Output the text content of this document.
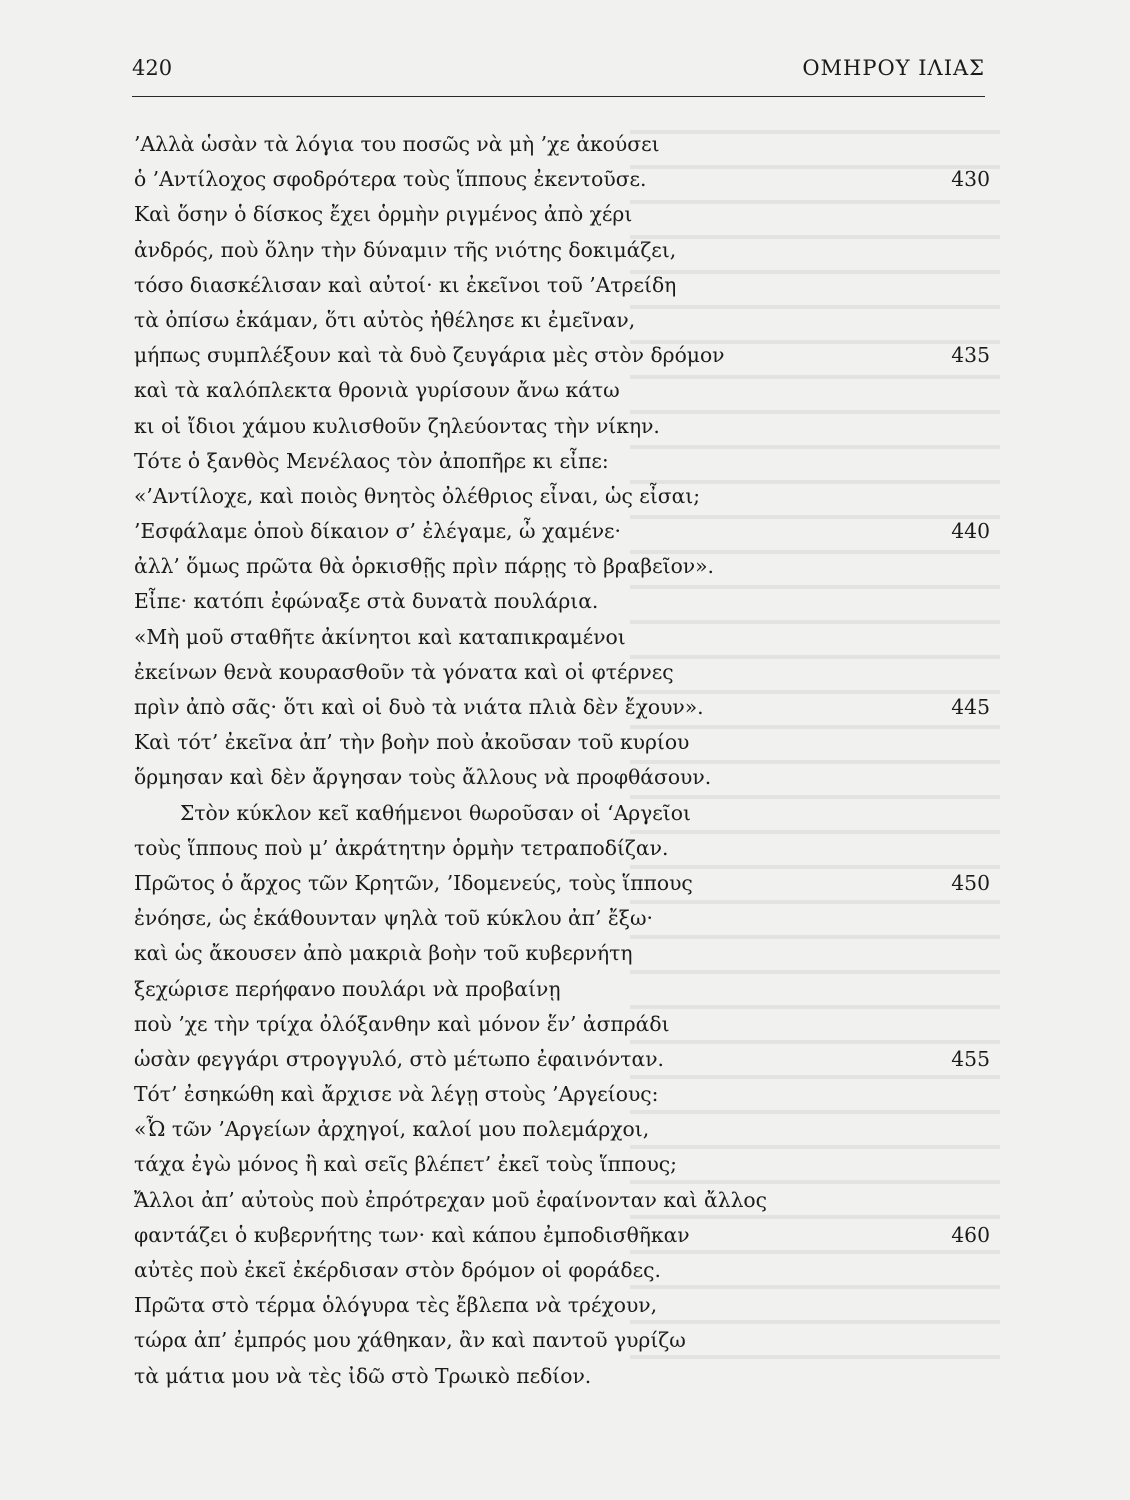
420	ΟΜΗΡΟΥ ΙΛΙΑΣ
’Αλλὰ ὡσὰν τὰ λόγια του ποσῶς νὰ μὴ ’χε ἀκούσει
ὁ ’Αντίλοχος σφοδρότερα τοὺς ἵππους ἐκεντοῦσε.	430
Καὶ ὅσην ὁ δίσκος ἔχει ὁρμὴν ριγμένος ἀπὸ χέρι
ἀνδρός, ποὺ ὅλην τὴν δύναμιν τῆς νιότης δοκιμάζει,
τόσο διασκέλισαν καὶ αὐτοί· κι ἐκεῖνοι τοῦ ’Ατρείδη
τὰ ὀπίσω ἐκάμαν, ὅτι αὐτὸς ἠθέλησε κι ἐμεῖναν,
μήπως συμπλέξουν καὶ τὰ δυὸ ζευγάρια μὲς στὸν δρόμον	435
καὶ τὰ καλόπλεκτα θρονιὰ γυρίσουν ἄνω κάτω
κι οἱ ἴδιοι χάμου κυλισθοῦν ζηλεύοντας τὴν νίκην.
Τότε ὁ ξανθὸς Μενέλαος τὸν ἀποπῆρε κι εἶπε:
«’Αντίλοχε, καὶ ποιὸς θνητὸς ὀλέθριος εἶναι, ὡς εἶσαι;
’Εσφάλαμε ὁποὺ δίκαιον σ’ ἐλέγαμε, ὦ χαμένε·	440
ἀλλ’ ὅμως πρῶτα θὰ ὁρκισθῇς πρὶν πάρῃς τὸ βραβεῖον».
Εἶπε· κατόπι ἐφώναξε στὰ δυνατὰ πουλάρια.
«Μὴ μοῦ σταθῆτε ἀκίνητοι καὶ καταπικραμένοι
ἐκείνων θενὰ κουρασθοῦν τὰ γόνατα καὶ οἱ φτέρνες
πρὶν ἀπὸ σᾶς· ὅτι καὶ οἱ δυὸ τὰ νιάτα πλιὰ δὲν ἔχουν».	445
Καὶ τότ’ ἐκεῖνα ἀπ’ τὴν βοὴν ποὺ ἀκοῦσαν τοῦ κυρίου
ὅρμησαν καὶ δὲν ἄργησαν τοὺς ἄλλους νὰ προφθάσουν.
Στὸν κύκλον κεῖ καθήμενοι θωροῦσαν οἱ ‘Αργεῖοι
τοὺς ἵππους ποὺ μ’ ἀκράτητην ὁρμὴν τετραποδίζαν.
Πρῶτος ὁ ἄρχος τῶν Κρητῶν, ’Ιδομενεύς, τοὺς ἵππους	450
ἐνόησε, ὡς ἐκάθουνταν ψηλὰ τοῦ κύκλου ἀπ’ ἔξω·
καὶ ὡς ἄκουσεν ἀπὸ μακριὰ βοὴν τοῦ κυβερνήτη
ξεχώρισε περήφανο πουλάρι νὰ προβαίνῃ
ποὺ ’χε τὴν τρίχα ὀλόξανθην καὶ μόνον ἕν’ ἀσπράδι
ὡσὰν φεγγάρι στρογγυλό, στὸ μέτωπο ἐφαινόνταν.	455
Τότ’ ἐσηκώθη καὶ ἄρχισε νὰ λέγῃ στοὺς ’Αργείους:
«Ὦ τῶν ’Αργείων ἀρχηγοί, καλοί μου πολεμάρχοι,
τάχα ἐγὼ μόνος ἢ καὶ σεῖς βλέπετ’ ἐκεῖ τοὺς ἵππους;
Ἄλλοι ἀπ’ αὐτοὺς ποὺ ἐπρότρεχαν μοῦ ἐφαίνονταν καὶ ἄλλος
φαντάζει ὁ κυβερνήτης των· καὶ κάπου ἐμποδισθῆκαν	460
αὐτὲς ποὺ ἐκεῖ ἐκέρδισαν στὸν δρόμον οἱ φοράδες.
Πρῶτα στὸ τέρμα ὁλόγυρα τὲς ἔβλεπα νὰ τρέχουν,
τώρα ἀπ’ ἐμπρός μου χάθηκαν, ἂν καὶ παντοῦ γυρίζω
τὰ μάτια μου νὰ τὲς ἰδῶ στὸ Τρωικὸ πεδίον.
